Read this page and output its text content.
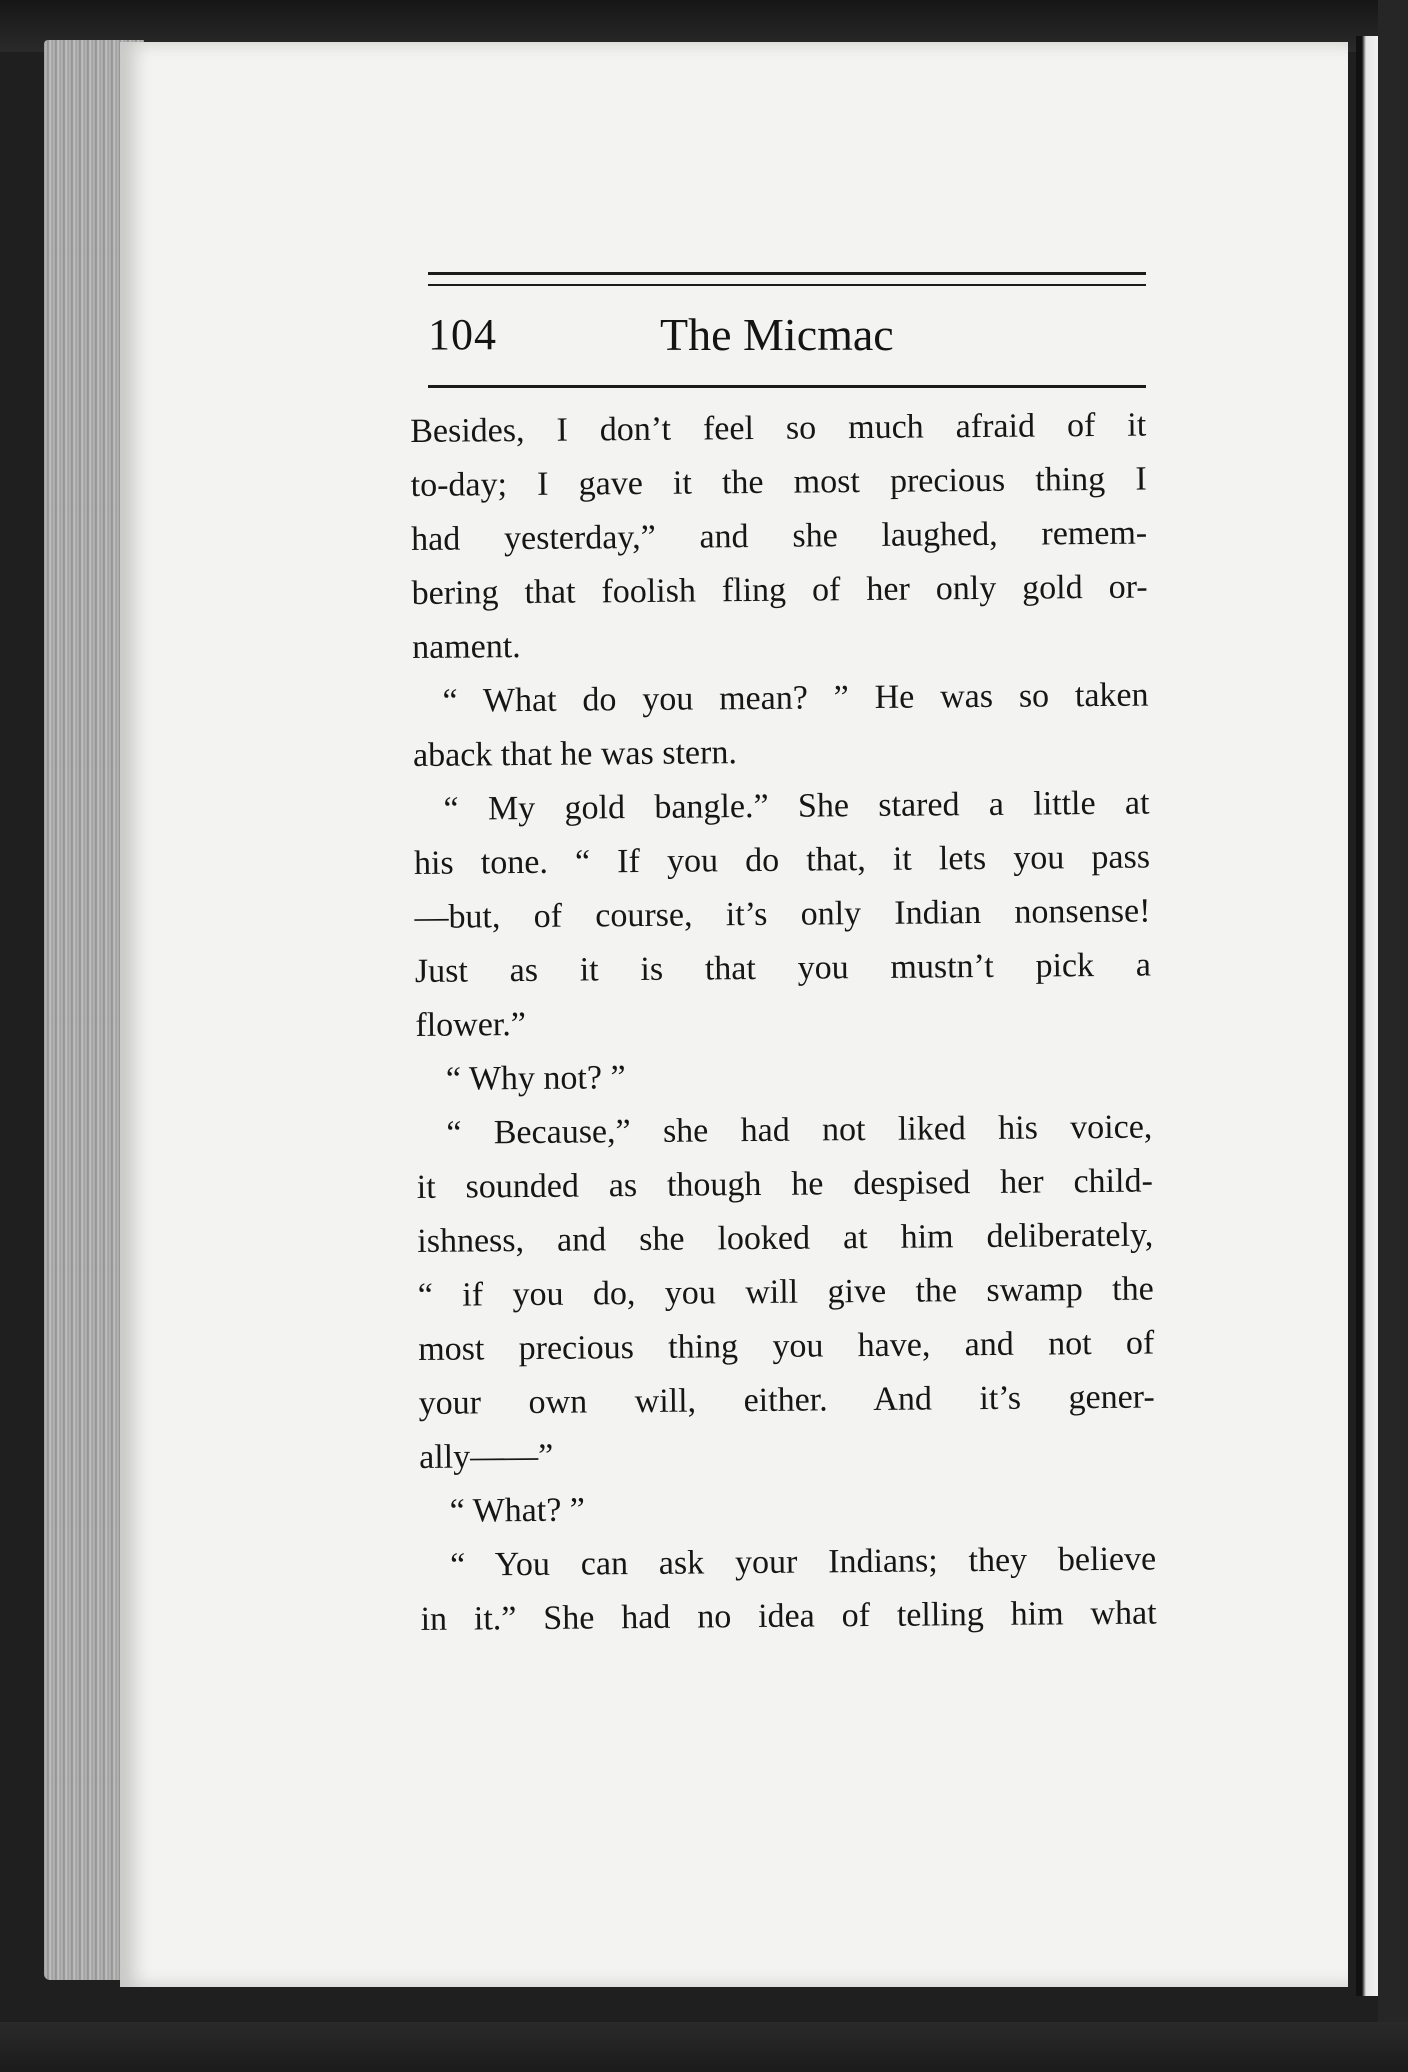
104	The Micmac
Besides, I don’t feel so much afraid of it
to-day; I gave it the most precious thing I
had yesterday,” and she laughed, remem-
bering that foolish fling of her only gold or-
nament.
“ What do you mean? ” He was so taken
aback that he was stern.
“ My gold bangle.” She stared a little at
his tone. “ If you do that, it lets you pass
—but, of course, it’s only Indian nonsense!
Just as it is that you mustn’t pick a
flower.”
“ Why not? ”
“ Because,” she had not liked his voice,
it sounded as though he despised her child-
ishness, and she looked at him deliberately,
“ if you do, you will give the swamp the
most precious thing you have, and not of
your own will, either. And it’s gener-
ally——”
“ What? ”
“ You can ask your Indians; they believe
in it.” She had no idea of telling him what
